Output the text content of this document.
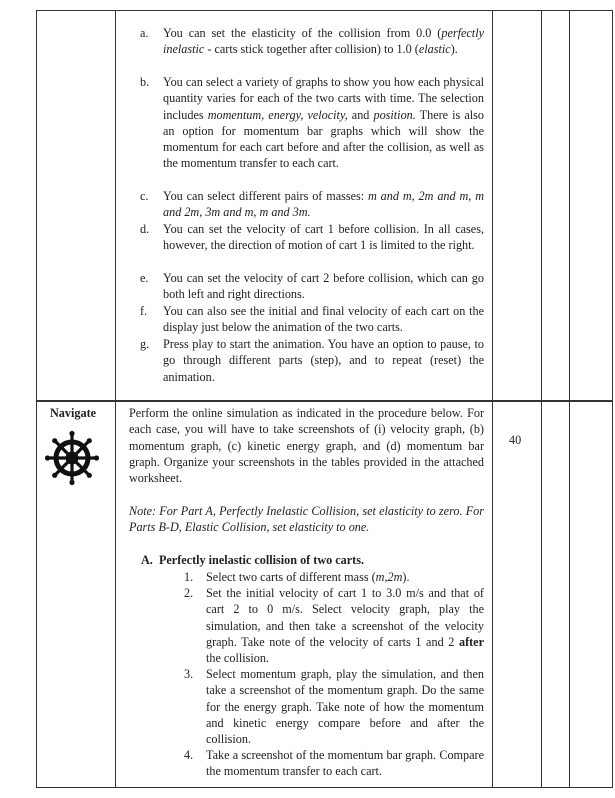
a. You can set the elasticity of the collision from 0.0 (perfectly inelastic - carts stick together after collision) to 1.0 (elastic).
b. You can select a variety of graphs to show you how each physical quantity varies for each of the two carts with time. The selection includes momentum, energy, velocity, and position. There is also an option for momentum bar graphs which will show the momentum for each cart before and after the collision, as well as the momentum transfer to each cart.
c. You can select different pairs of masses: m and m, 2m and m, m and 2m, 3m and m, m and 3m.
d. You can set the velocity of cart 1 before collision. In all cases, however, the direction of motion of cart 1 is limited to the right.
e. You can set the velocity of cart 2 before collision, which can go both left and right directions.
f. You can also see the initial and final velocity of each cart on the display just below the animation of the two carts.
g. Press play to start the animation. You have an option to pause, to go through different parts (step), and to repeat (reset) the animation.
Navigate
40

Perform the online simulation as indicated in the procedure below. For each case, you will have to take screenshots of (i) velocity graph, (b) momentum graph, (c) kinetic energy graph, and (d) momentum bar graph. Organize your screenshots in the tables provided in the attached worksheet.

Note: For Part A, Perfectly Inelastic Collision, set elasticity to zero. For Parts B-D, Elastic Collision, set elasticity to one.

A.  Perfectly inelastic collision of two carts.
1. Select two carts of different mass (m,2m).
2. Set the initial velocity of cart 1 to 3.0 m/s and that of cart 2 to 0 m/s. Select velocity graph, play the simulation, and then take a screenshot of the velocity graph. Take note of the velocity of carts 1 and 2 after the collision.
3. Select momentum graph, play the simulation, and then take a screenshot of the momentum graph. Do the same for the energy graph. Take note of how the momentum and kinetic energy compare before and after the collision.
4. Take a screenshot of the momentum bar graph. Compare the momentum transfer to each cart.
